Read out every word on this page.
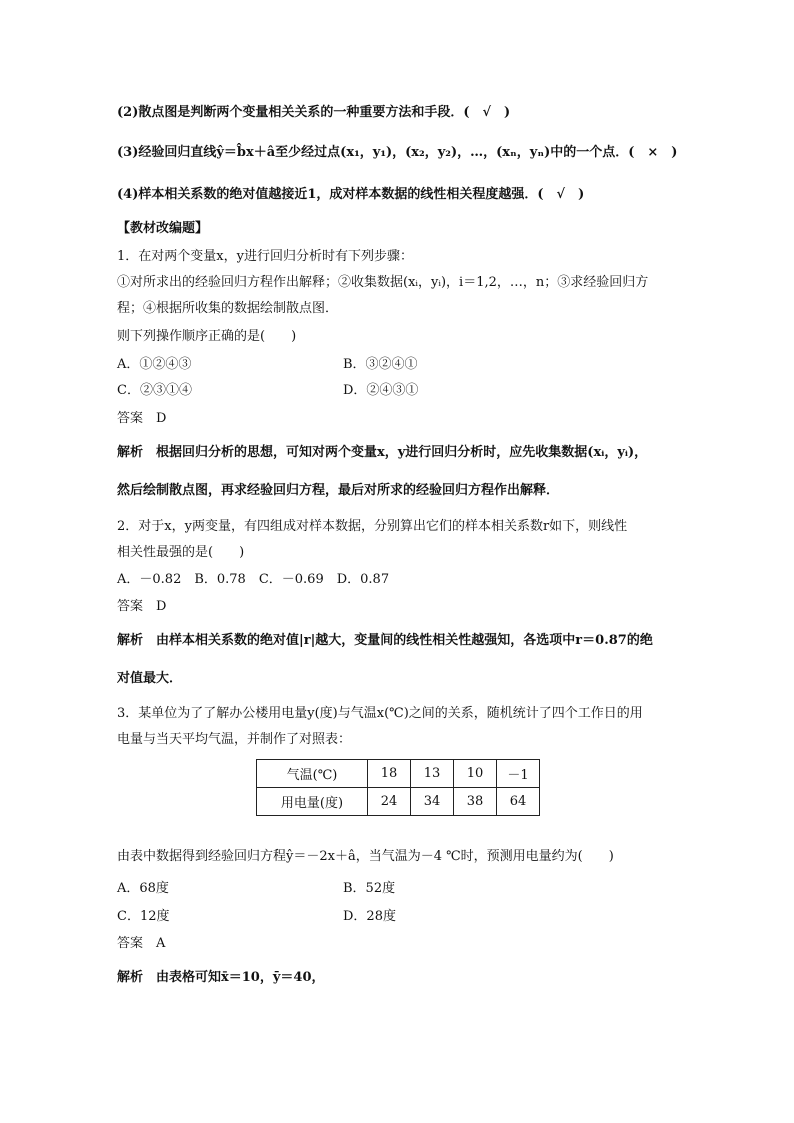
(2)散点图是判断两个变量相关关系的一种重要方法和手段．(　√　)
(3)经验回归直线ŷ＝b̂x＋â至少经过点(x₁，y₁)，(x₂，y₂)，…，(xₙ，yₙ)中的一个点．(　×　)
(4)样本相关系数的绝对值越接近1，成对样本数据的线性相关程度越强．(　√　)
【教材改编题】
1．在对两个变量x，y进行回归分析时有下列步骤：
①对所求出的经验回归方程作出解释；②收集数据(xᵢ，yᵢ)，i＝1,2，…，n；③求经验回归方
程；④根据所收集的数据绘制散点图．
则下列操作顺序正确的是(　　)
A．①②④③	B．③②④①
C．②③①④	D．②④③①
答案　D
解析　根据回归分析的思想，可知对两个变量x，y进行回归分析时，应先收集数据(xᵢ，yᵢ)，
然后绘制散点图，再求经验回归方程，最后对所求的经验回归方程作出解释．
2．对于x，y两变量，有四组成对样本数据，分别算出它们的样本相关系数r如下，则线性
相关性最强的是(　　)
A．－0.82　B．0.78　C．－0.69　D．0.87
答案　D
解析　由样本相关系数的绝对值|r|越大，变量间的线性相关性越强知，各选项中r＝0.87的绝
对值最大．
3．某单位为了了解办公楼用电量y(度)与气温x(℃)之间的关系，随机统计了四个工作日的用
电量与当天平均气温，并制作了对照表：
气温(℃)	18	13	10	－1
用电量(度)	24	34	38	64
由表中数据得到经验回归方程ŷ＝－2x＋â，当气温为－4 ℃时，预测用电量约为(　　)
A．68度	B．52度
C．12度	D．28度
答案　A
解析　由表格可知x̄＝10，ȳ＝40，
